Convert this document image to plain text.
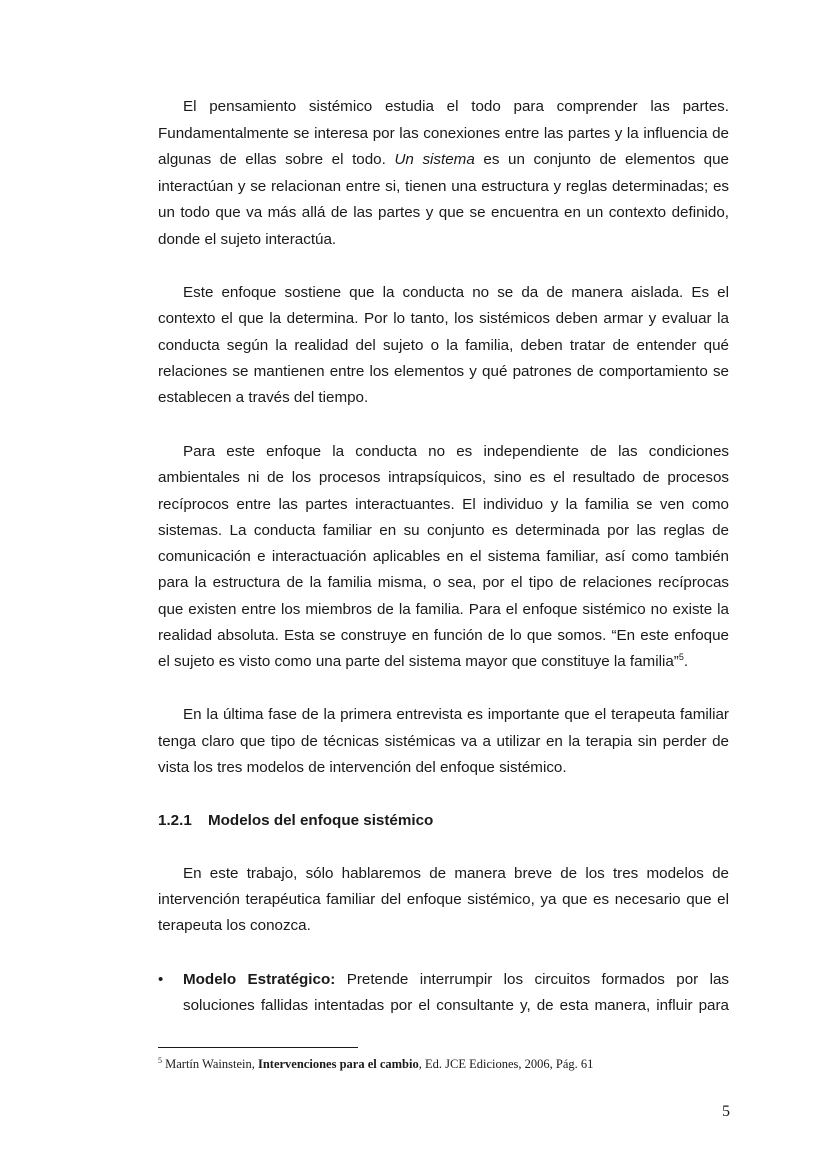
El pensamiento sistémico estudia el todo para comprender las partes.
Fundamentalmente se interesa por las conexiones entre las partes y la influencia de
algunas de ellas sobre el todo. Un sistema es un conjunto de elementos que
interactúan y se relacionan entre si, tienen una estructura y reglas determinadas; es
un todo que va más allá de las partes y que se encuentra en un contexto definido,
donde el sujeto interactúa.
Este enfoque sostiene que la conducta no se da de manera aislada. Es el
contexto el que la determina. Por lo tanto, los sistémicos deben armar y evaluar la
conducta según la realidad del sujeto o la familia, deben tratar de entender qué
relaciones se mantienen entre los elementos y qué patrones de comportamiento se
establecen a través del tiempo.
Para este enfoque la conducta no es independiente de las condiciones
ambientales ni de los procesos intrapsíquicos, sino es el resultado de procesos
recíprocos entre las partes interactuantes. El individuo y la familia se ven como
sistemas. La conducta familiar en su conjunto es determinada por las reglas de
comunicación e interactuación aplicables en el sistema familiar, así como también
para la estructura de la familia misma, o sea, por el tipo de relaciones recíprocas
que existen entre los miembros de la familia. Para el enfoque sistémico no existe la
realidad absoluta. Esta se construye en función de lo que somos. “En este enfoque
el sujeto es visto como una parte del sistema mayor que constituye la familia”$^5$.
En la última fase de la primera entrevista es importante que el terapeuta familiar
tenga claro que tipo de técnicas sistémicas va a utilizar en la terapia sin perder de
vista los tres modelos de intervención del enfoque sistémico.
1.2.1 Modelos del enfoque sistémico
En este trabajo, sólo hablaremos de manera breve de los tres modelos de
intervención terapéutica familiar del enfoque sistémico, ya que es necesario que el
terapeuta los conozca.
• Modelo Estratégico: Pretende interrumpir los circuitos formados por las
soluciones fallidas intentadas por el consultante y, de esta manera, influir para
$^5$ Martín Wainstein, Intervenciones para el cambio, Ed. JCE Ediciones, 2006, Pág. 61
5
